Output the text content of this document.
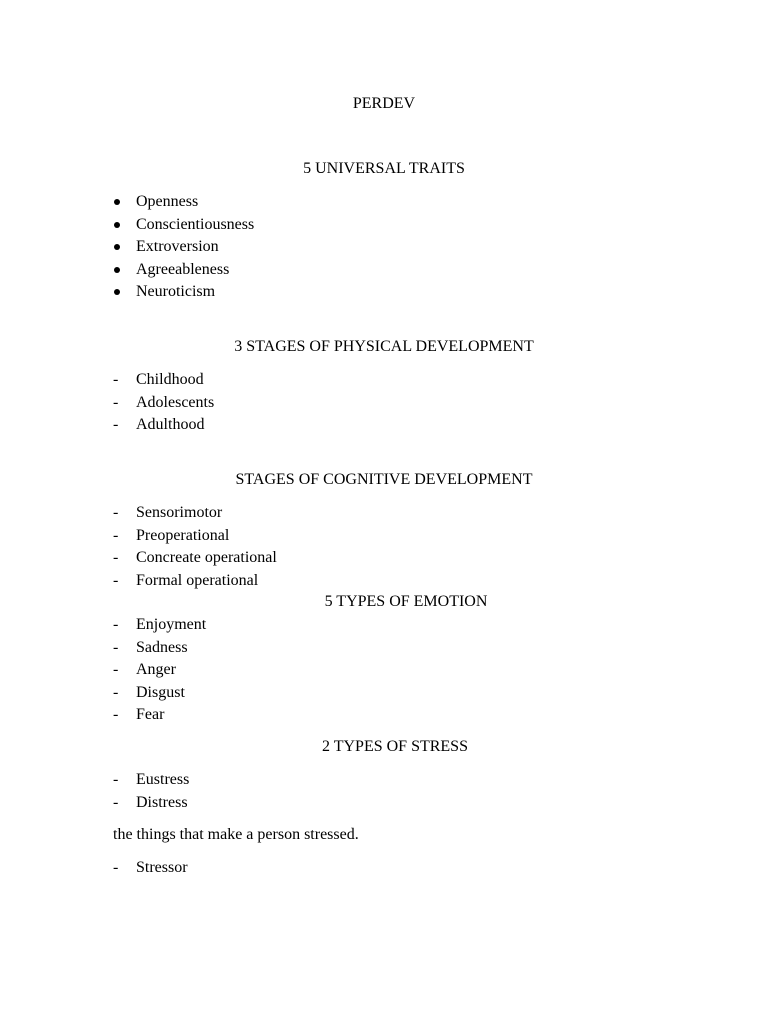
PERDEV
5 UNIVERSAL TRAITS
Openness
Conscientiousness
Extroversion
Agreeableness
Neuroticism
3 STAGES OF PHYSICAL DEVELOPMENT
- Childhood
- Adolescents
- Adulthood
STAGES OF COGNITIVE DEVELOPMENT
- Sensorimotor
- Preoperational
- Concreate operational
- Formal operational
5 TYPES OF EMOTION
- Enjoyment
- Sadness
- Anger
- Disgust
- Fear
2 TYPES OF STRESS
- Eustress
- Distress

the things that make a person stressed.

- Stressor
